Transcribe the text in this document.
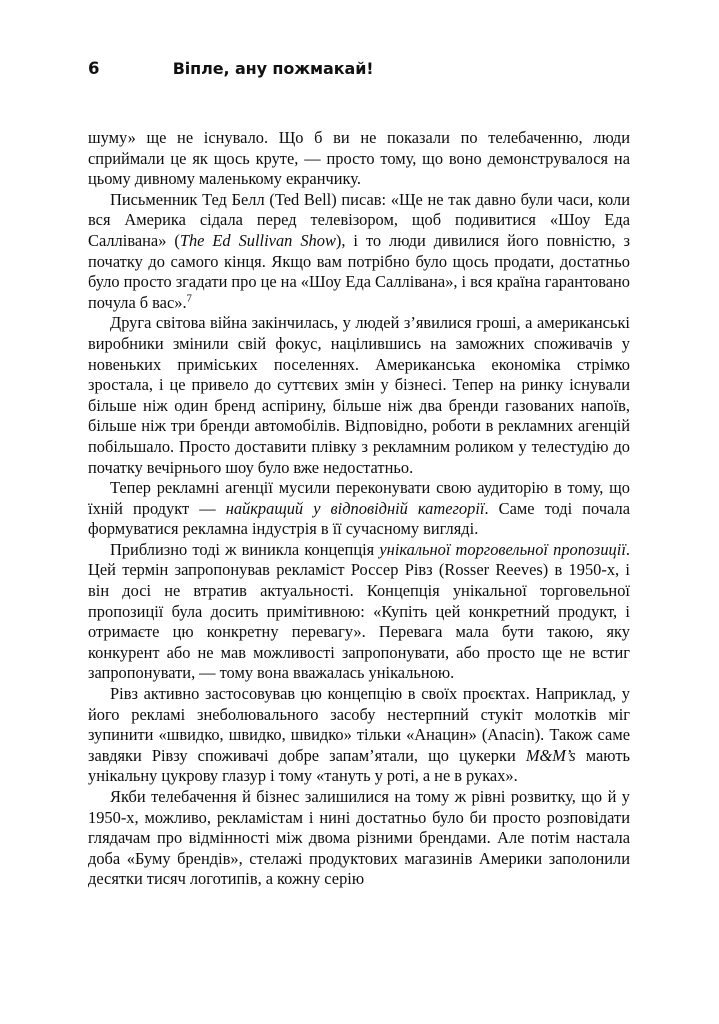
6	Віпле, ану пожмакай!

шуму» ще не існувало. Що б ви не показали по телебаченню, люди сприймали це як щось круте, — просто тому, що воно демонструвалося на цьому дивному маленькому екранчику.

Письменник Тед Белл (Ted Bell) писав: «Ще не так давно були часи, коли вся Америка сідала перед телевізором, щоб подивитися «Шоу Еда Саллівана» (The Ed Sullivan Show), і то люди дивилися його повністю, з початку до самого кінця. Якщо вам потрібно було щось продати, достатньо було просто згадати про це на «Шоу Еда Саллівана», і вся країна гарантовано почула б вас».$^7$

Друга світова війна закінчилась, у людей з’явилися гроші, а американські виробники змінили свій фокус, націлившись на заможних споживачів у новеньких приміських поселеннях. Американська економіка стрімко зростала, і це привело до суттєвих змін у бізнесі. Тепер на ринку існували більше ніж один бренд аспірину, більше ніж два бренди газованих напоїв, більше ніж три бренди автомобілів. Відповідно, роботи в рекламних агенцій побільшало. Просто доставити плівку з рекламним роликом у телестудію до початку вечірнього шоу було вже недостатньо.

Тепер рекламні агенції мусили переконувати свою аудиторію в тому, що їхній продукт — найкращий у відповідній категорії. Саме тоді почала формуватися рекламна індустрія в її сучасному вигляді.

Приблизно тоді ж виникла концепція унікальної торговельної пропозиції. Цей термін запропонував рекламіст Россер Рівз (Rosser Reeves) в 1950-х, і він досі не втратив актуальності. Концепція унікальної торговельної пропозиції була досить примітивною: «Купіть цей конкретний продукт, і отримаєте цю конкретну перевагу». Перевага мала бути такою, яку конкурент або не мав можливості запропонувати, або просто ще не встиг запропонувати, — тому вона вважалась унікальною.

Рівз активно застосовував цю концепцію в своїх проєктах. Наприклад, у його рекламі знеболювального засобу нестерпний стукіт молотків міг зупинити «швидко, швидко, швидко» тільки «Анацин» (Anacin). Також саме завдяки Рівзу споживачі добре запам’ятали, що цукерки M&M’s мають унікальну цукрову глазур і тому «тануть у роті, а не в руках».

Якби телебачення й бізнес залишилися на тому ж рівні розвитку, що й у 1950-х, можливо, рекламістам і нині достатньо було би просто розповідати глядачам про відмінності між двома різними брендами. Але потім настала доба «Буму брендів», стелажі продуктових магазинів Америки заполонили десятки тисяч логотипів, а кожну серію
